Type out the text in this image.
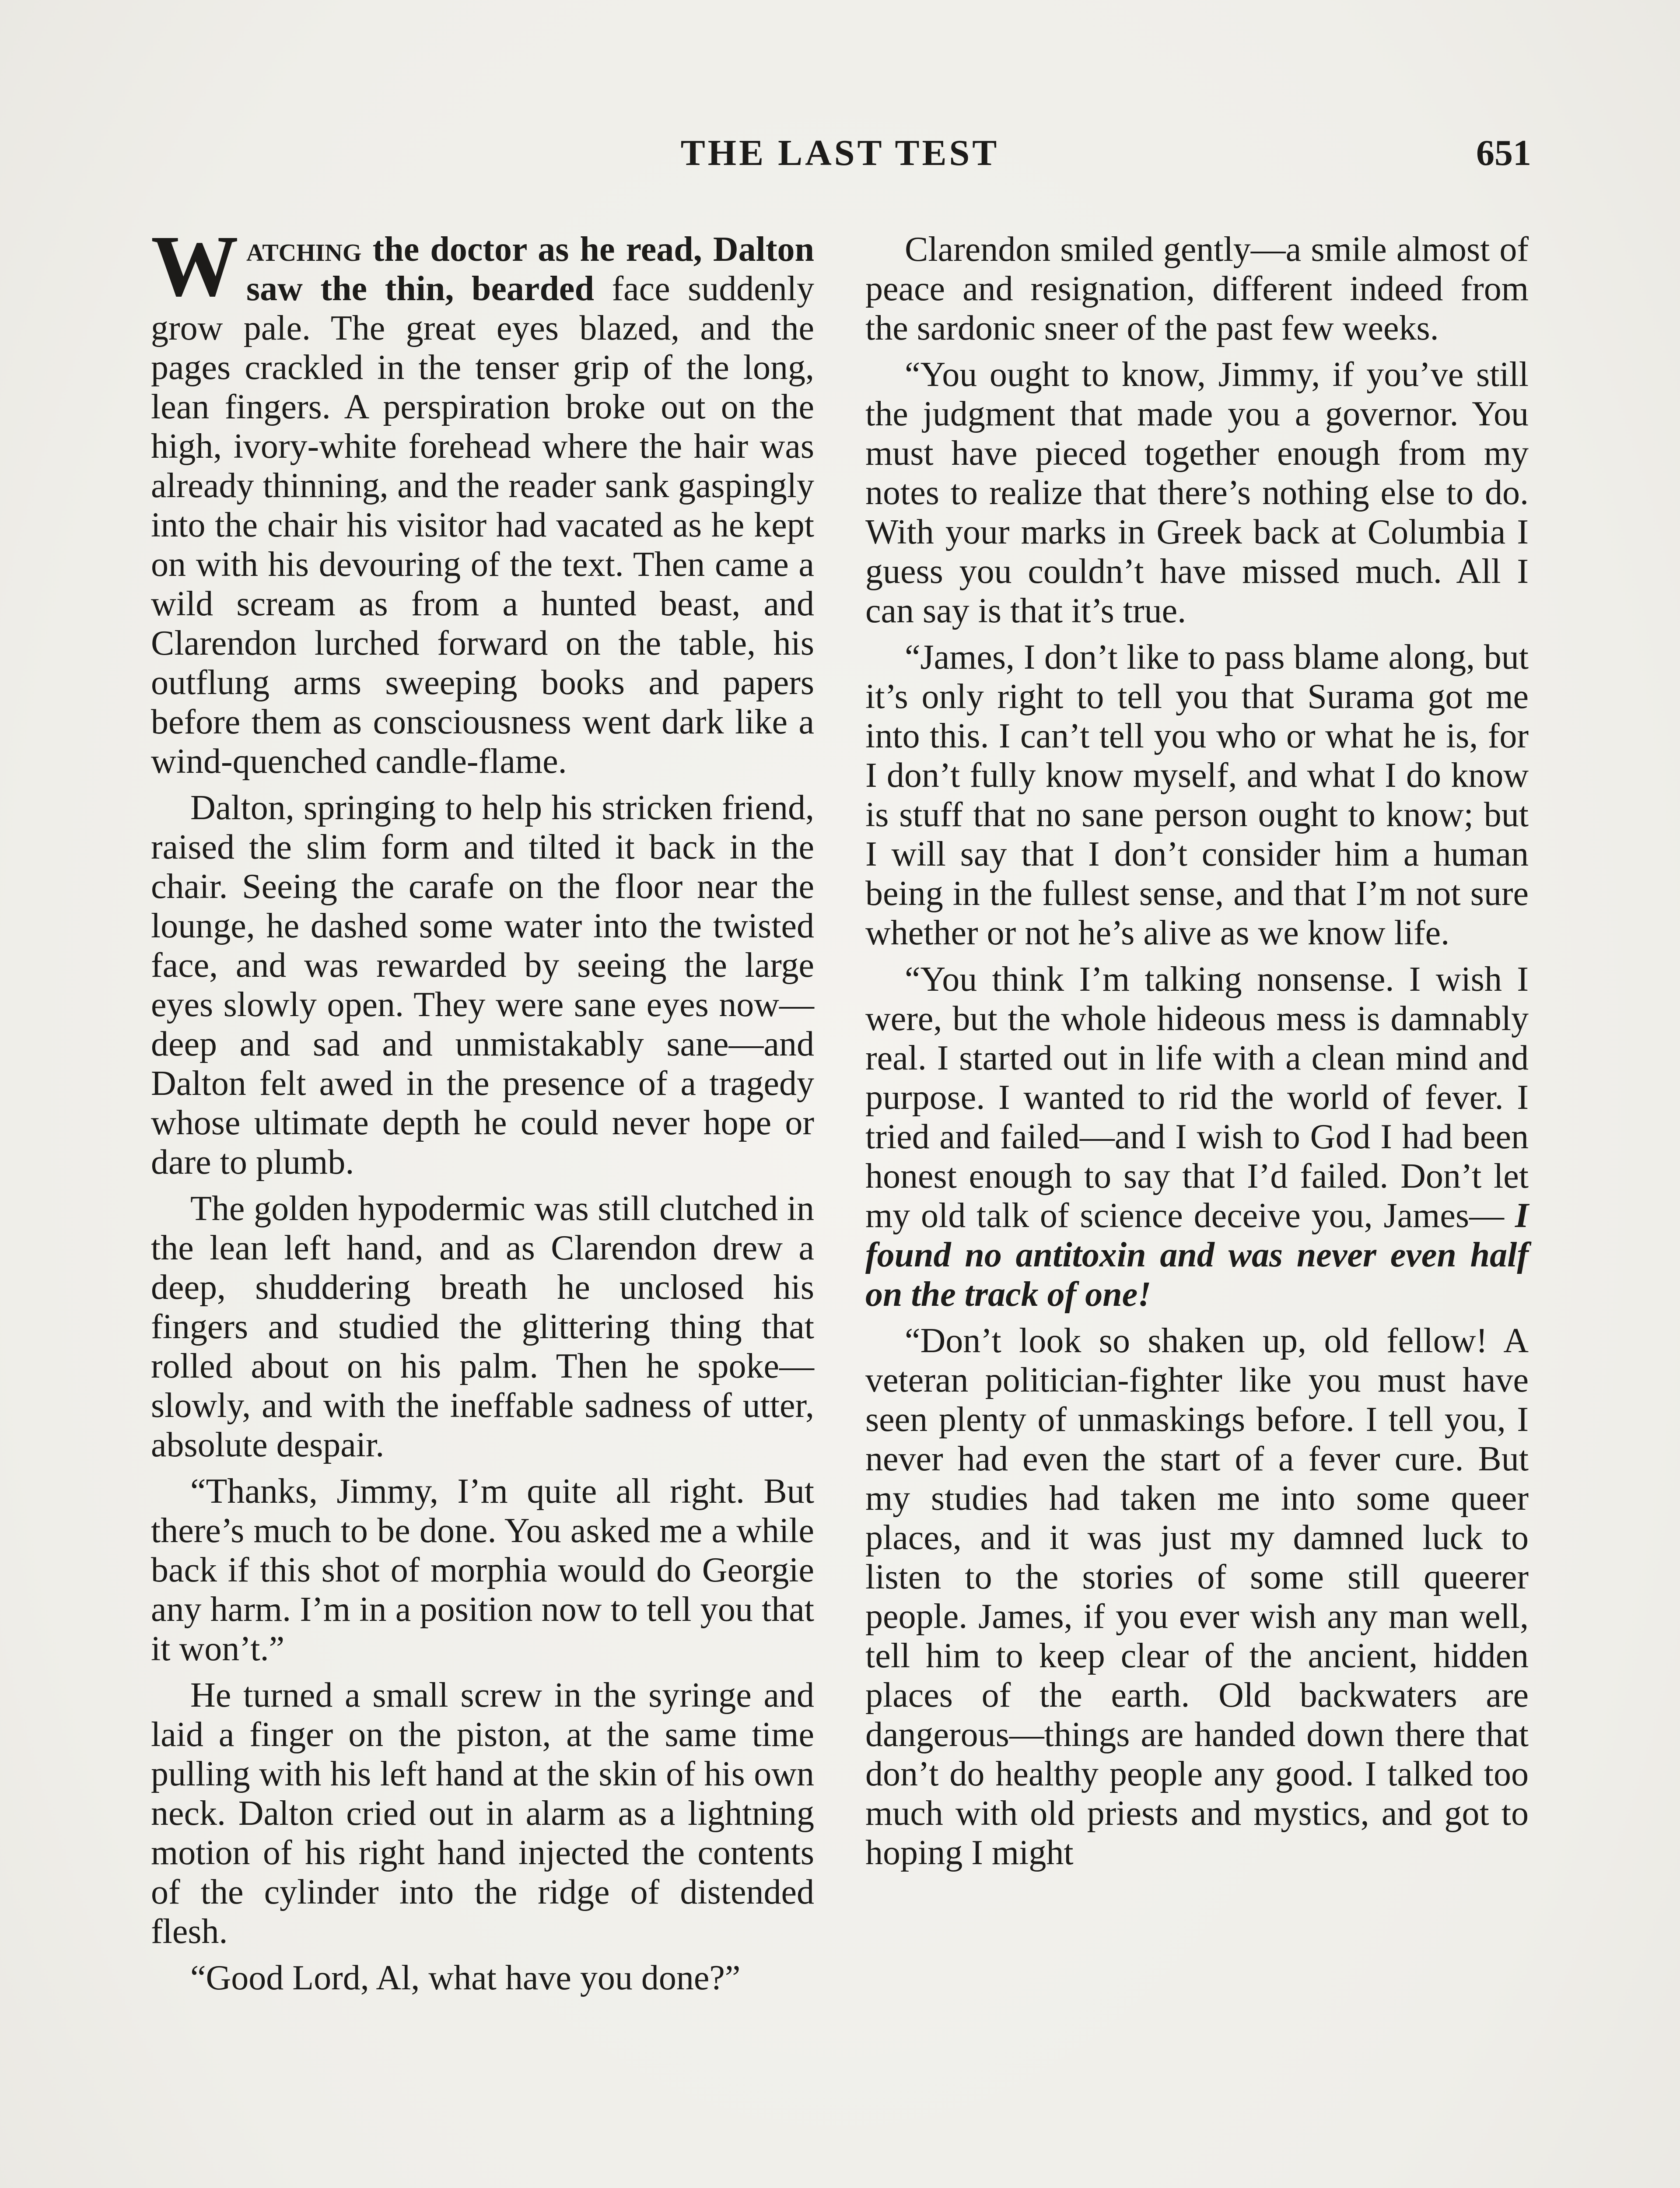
THE LAST TEST	651

Watching the doctor as he read, Dalton saw the thin, bearded face suddenly grow pale. The great eyes blazed, and the pages crackled in the tenser grip of the long, lean fingers. A perspiration broke out on the high, ivory-white forehead where the hair was already thinning, and the reader sank gaspingly into the chair his visitor had vacated as he kept on with his devouring of the text. Then came a wild scream as from a hunted beast, and Clarendon lurched forward on the table, his outflung arms sweeping books and papers before them as consciousness went dark like a wind-quenched candle-flame.

Dalton, springing to help his stricken friend, raised the slim form and tilted it back in the chair. Seeing the carafe on the floor near the lounge, he dashed some water into the twisted face, and was rewarded by seeing the large eyes slowly open. They were sane eyes now—deep and sad and unmistakably sane—and Dalton felt awed in the presence of a tragedy whose ultimate depth he could never hope or dare to plumb.

The golden hypodermic was still clutched in the lean left hand, and as Clarendon drew a deep, shuddering breath he unclosed his fingers and studied the glittering thing that rolled about on his palm. Then he spoke—slowly, and with the ineffable sadness of utter, absolute despair.

“Thanks, Jimmy, I’m quite all right. But there’s much to be done. You asked me a while back if this shot of morphia would do Georgie any harm. I’m in a position now to tell you that it won’t.”

He turned a small screw in the syringe and laid a finger on the piston, at the same time pulling with his left hand at the skin of his own neck. Dalton cried out in alarm as a lightning motion of his right hand injected the contents of the cylinder into the ridge of distended flesh.

“Good Lord, Al, what have you done?”

Clarendon smiled gently—a smile almost of peace and resignation, different indeed from the sardonic sneer of the past few weeks.

“You ought to know, Jimmy, if you’ve still the judgment that made you a governor. You must have pieced together enough from my notes to realize that there’s nothing else to do. With your marks in Greek back at Columbia I guess you couldn’t have missed much. All I can say is that it’s true.

“James, I don’t like to pass blame along, but it’s only right to tell you that Surama got me into this. I can’t tell you who or what he is, for I don’t fully know myself, and what I do know is stuff that no sane person ought to know; but I will say that I don’t consider him a human being in the fullest sense, and that I’m not sure whether or not he’s alive as we know life.

“You think I’m talking nonsense. I wish I were, but the whole hideous mess is damnably real. I started out in life with a clean mind and purpose. I wanted to rid the world of fever. I tried and failed—and I wish to God I had been honest enough to say that I’d failed. Don’t let my old talk of science deceive you, James— I found no antitoxin and was never even half on the track of one!

“Don’t look so shaken up, old fellow! A veteran politician-fighter like you must have seen plenty of unmaskings before. I tell you, I never had even the start of a fever cure. But my studies had taken me into some queer places, and it was just my damned luck to listen to the stories of some still queerer people. James, if you ever wish any man well, tell him to keep clear of the ancient, hidden places of the earth. Old backwaters are dangerous—things are handed down there that don’t do healthy people any good. I talked too much with old priests and mystics, and got to hoping I might
